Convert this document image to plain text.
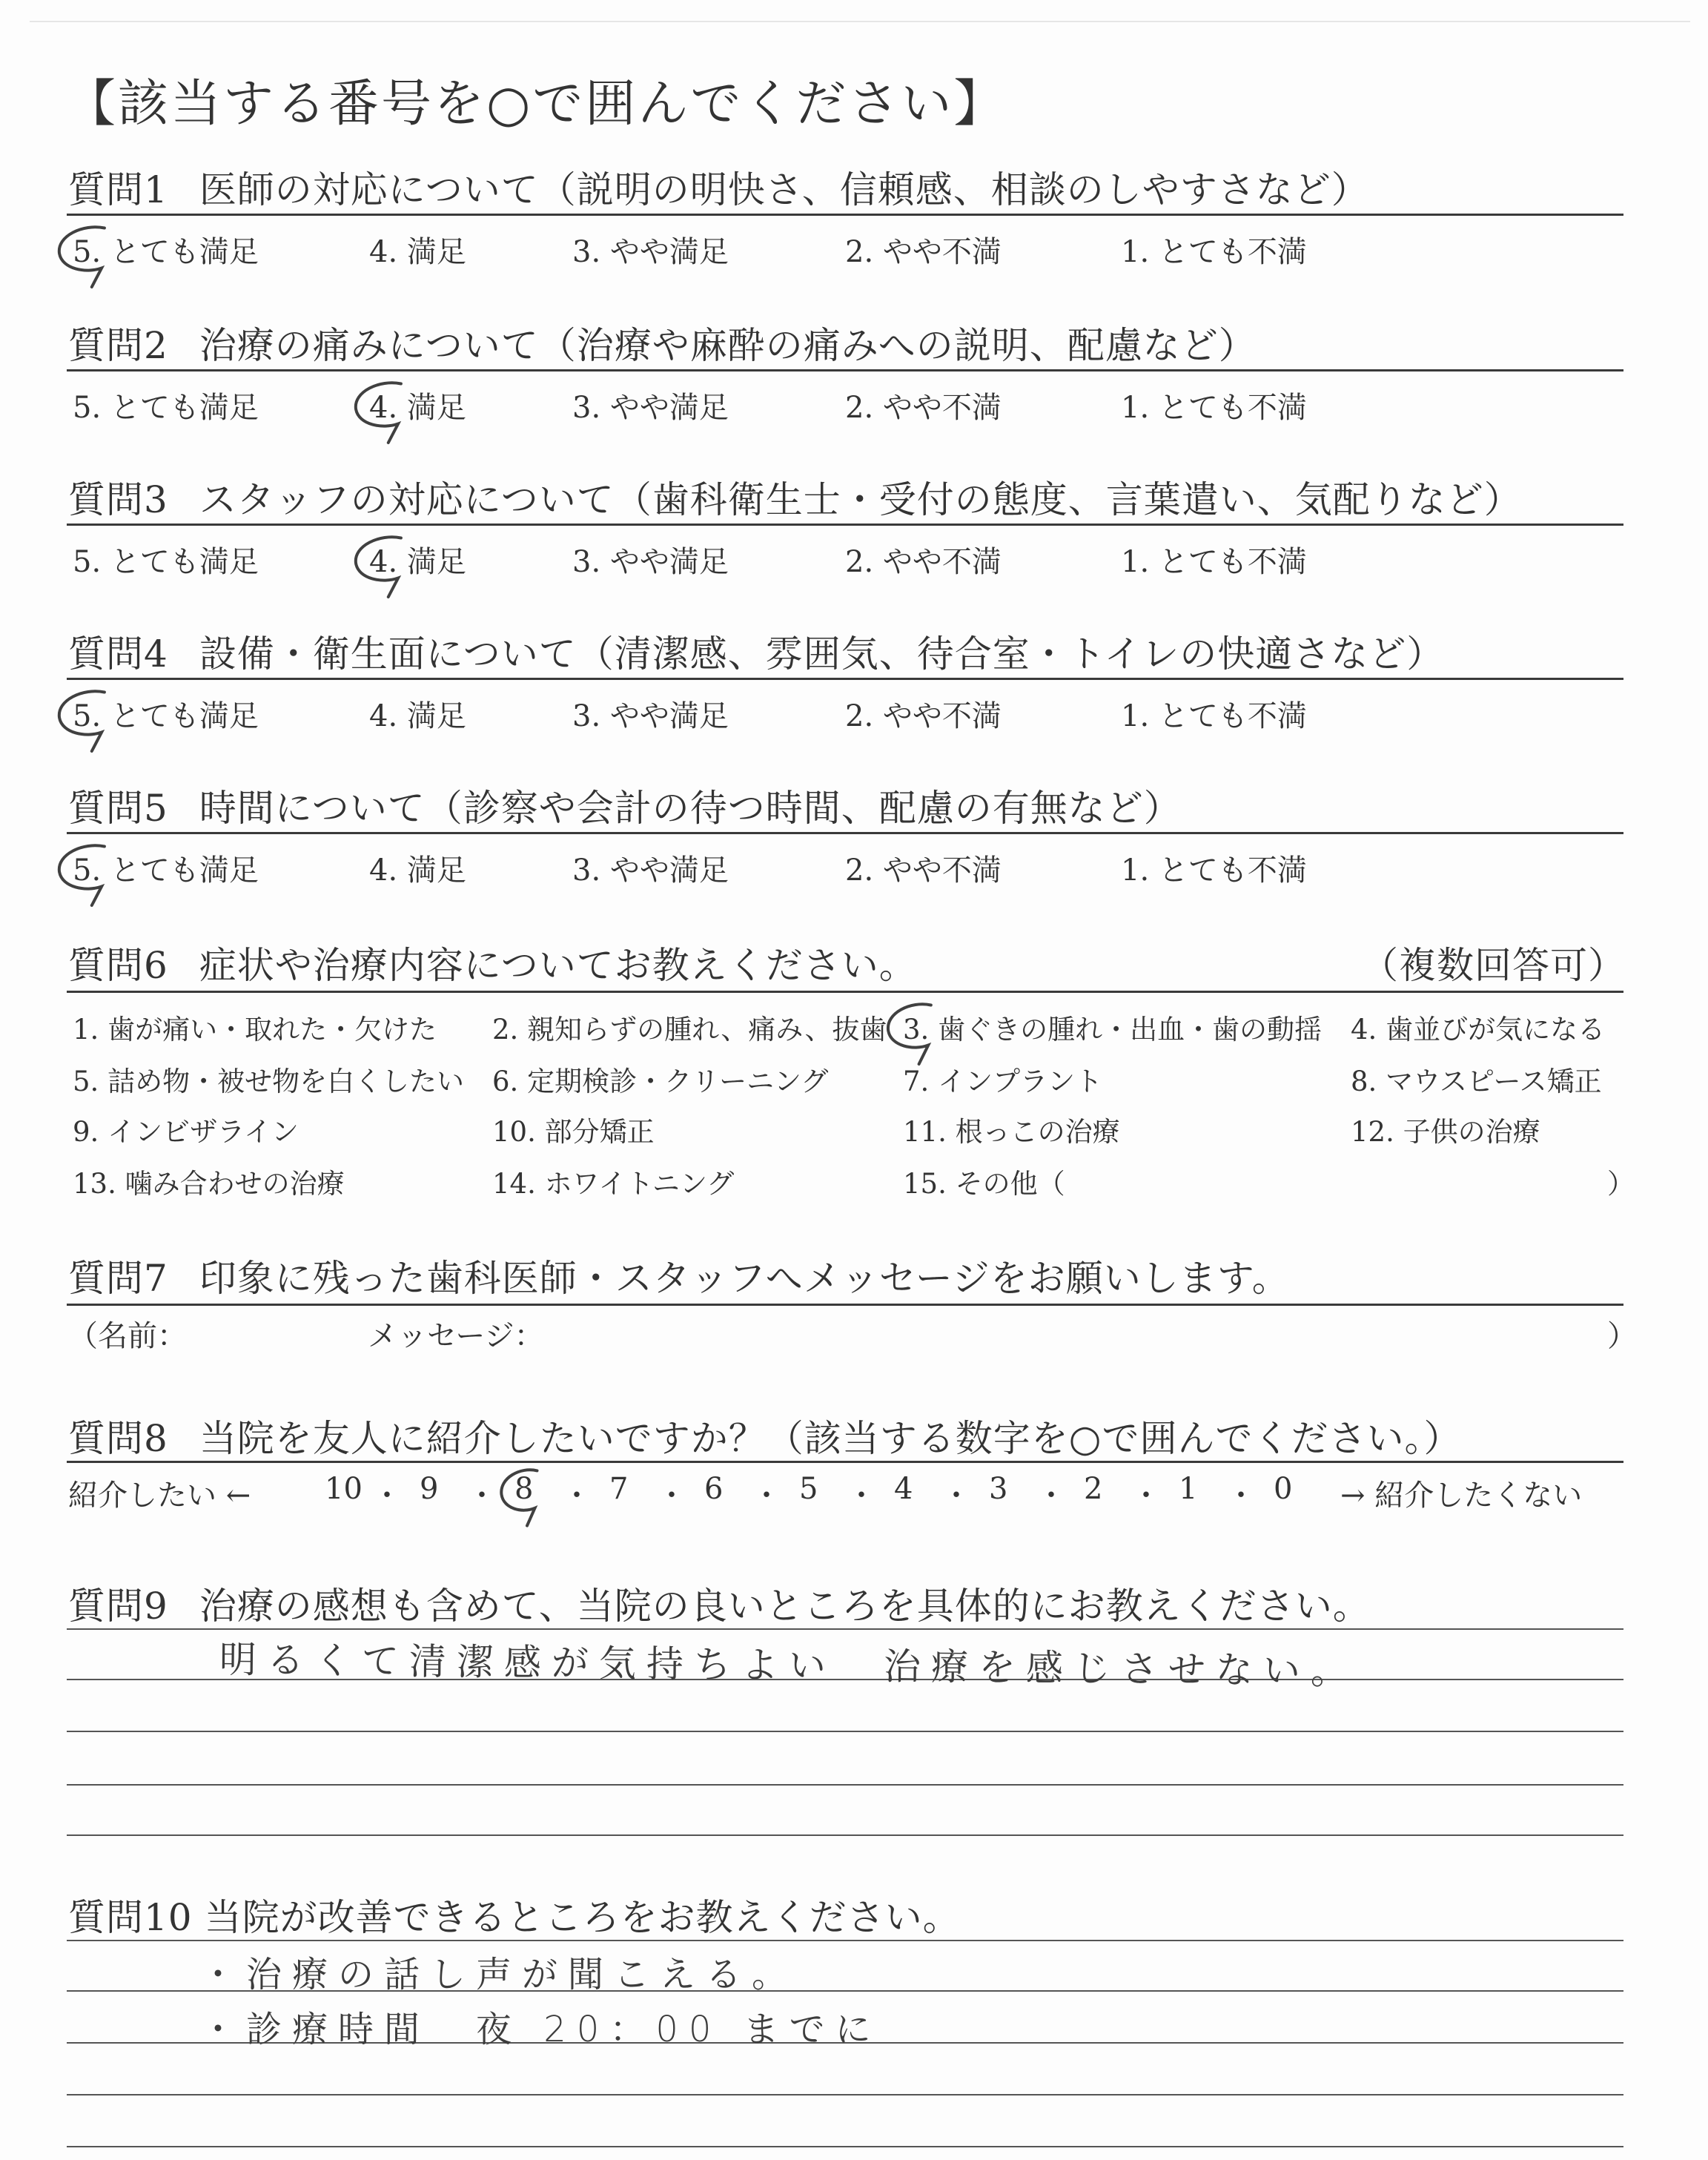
【該当する番号を○で囲んでください】
質問1 医師の対応について（説明の明快さ、信頼感、相談のしやすさなど）
5. とても満足	4. 満足	3. やや満足	2. やや不満	1. とても不満
質問2 治療の痛みについて（治療や麻酔の痛みへの説明、配慮など）
5. とても満足	4. 満足	3. やや満足	2. やや不満	1. とても不満
質問3 スタッフの対応について（歯科衛生士・受付の態度、言葉遣い、気配りなど）
5. とても満足	4. 満足	3. やや満足	2. やや不満	1. とても不満
質問4 設備・衛生面について（清潔感、雰囲気、待合室・トイレの快適さなど）
5. とても満足	4. 満足	3. やや満足	2. やや不満	1. とても不満
質問5 時間について（診察や会計の待つ時間、配慮の有無など）
5. とても満足	4. 満足	3. やや満足	2. やや不満	1. とても不満
質問6 症状や治療内容についてお教えください。	（複数回答可）
1. 歯が痛い・取れた・欠けた 2. 親知らずの腫れ、痛み、抜歯 3. 歯ぐきの腫れ・出血・歯の動揺 4. 歯並びが気になる
5. 詰め物・被せ物を白くしたい 6. 定期検診・クリーニング	7. インプラント	8. マウスピース矯正
9. インビザライン	10. 部分矯正	11. 根っこの治療	12. 子供の治療
13. 噛み合わせの治療	14. ホワイトニング	15. その他（	）
質問7 印象に残った歯科医師・スタッフへメッセージをお願いします。
（名前：	メッセージ：	）
質問8 当院を友人に紹介したいですか？（該当する数字を○で囲んでください。）
紹介したい ← 10 ・ 9 ・ 8 ・ 7 ・ 6 ・ 5 ・ 4 ・ 3 ・ 2 ・ 1 ・ 0 → 紹介したくない
質問9 治療の感想も含めて、当院の良いところを具体的にお教えください。
明るくて清潔感が気持ちよい　治療を感じさせない。
質問10 当院が改善できるところをお教えください。
・治療の話し声が聞こえる。
・診療時間　夜 20：00 までに
